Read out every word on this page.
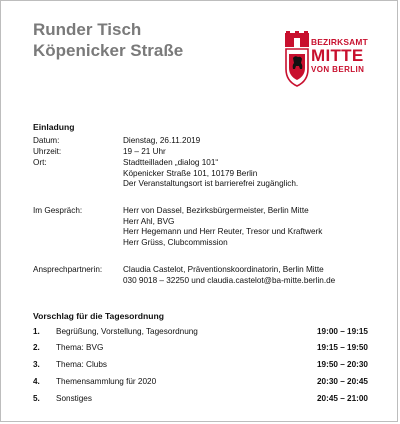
Runder Tisch
Köpenicker Straße	BEZIRKSAMT
MITTE
VON BERLIN
Einladung
Datum:	Dienstag, 26.11.2019
Uhrzeit:	19 – 21 Uhr
Ort:	Stadtteilladen „dialog 101“
Köpenicker Straße 101, 10179 Berlin
Der Veranstaltungsort ist barrierefrei zugänglich.
Im Gespräch:	Herr von Dassel, Bezirksbürgermeister, Berlin Mitte
Herr Ahl, BVG
Herr Hegemann und Herr Reuter, Tresor und Kraftwerk
Herr Grüss, Clubcommission
Ansprechpartnerin:	Claudia Castelot, Präventionskoordinatorin, Berlin Mitte
030 9018 – 32250 und claudia.castelot@ba-mitte.berlin.de
Vorschlag für die Tagesordnung
1. Begrüßung, Vorstellung, Tagesordnung	19:00 – 19:15
2. Thema: BVG	19:15 – 19:50
3. Thema: Clubs	19:50 – 20:30
4. Themensammlung für 2020	20:30 – 20:45
5. Sonstiges	20:45 – 21:00
